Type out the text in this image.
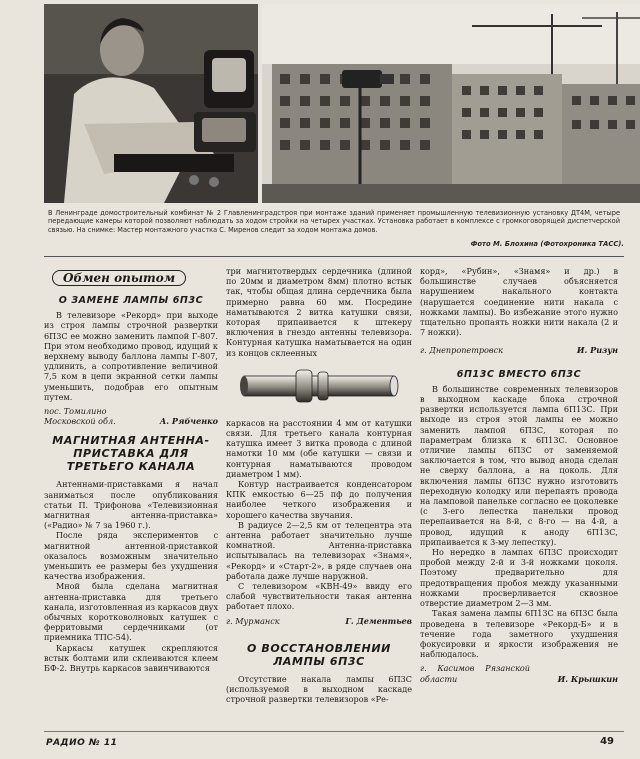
В Ленинграде домостроительный комбинат № 2 Главленинградстроя при монтаже зданий применяет промышленную телевизионную установку ДТ4М, четыре передающие камеры которой позволяют наблюдать за ходом стройки на четырех участках. Установка работает в комплексе с громкоговорящей диспетчерской связью. На снимке: Мастер монтажного участка С. Миренов следит за ходом монтажа домов.
Фото М. Блохина (Фотохроника ТАСС).
Обмен опытом
О ЗАМЕНЕ ЛАМПЫ 6П3С

В телевизоре «Рекорд» при выходе из строя лампы строчной развертки 6П3С ее можно заменить лампой Г-807. При этом необходимо провод, идущий к верхнему выводу баллона лампы Г-807, удлинить, а сопротивление величиной 7,5 ком в цепи экранной сетки лампы уменьшить, подобрав его опытным путем.

пос. Томилино Московской обл.	А. Рябченко
МАГНИТНАЯ АНТЕННА-ПРИСТАВКА ДЛЯ ТРЕТЬЕГО КАНАЛА

Антеннами-приставками я начал заниматься после опубликования статьи П. Трифонова «Телевизионная магнитная антенна-приставка» («Радио» № 7 за 1960 г.).

После ряда экспериментов с магнитной антенной-приставкой оказалось возможным значительно уменьшить ее размеры без ухудшения качества изображения.

Мной была сделана магнитная антенна-приставка для третьего канала, изготовленная из каркасов двух обычных коротковолновых катушек с ферритовыми сердечниками (от приемника ТПС-54).

Каркасы катушек скрепляются встык болтами или склеиваются клеем БФ-2. Внутрь каркасов завинчиваются

три магнитотвердых сердечника (длиной по 20мм и диаметром 8мм) плотно встык так, чтобы общая длина сердечника была примерно равна 60 мм. Посредине наматываются 2 витка катушки связи, которая припаивается к штекеру включения в гнездо антенны телевизора. Контурная катушка наматывается на один из концов склеенных

каркасов на расстоянии 4 мм от катушки связи. Для третьего канала контурная катушка имеет 3 витка провода с длиной намотки 10 мм (обе катушки — связи и контурная наматываются проводом диаметром 1 мм).

Контур настраивается конденсатором КПК емкостью 6—25 пф до получения наиболее четкого изображения и хорошего качества звучания.

В радиусе 2—2,5 км от телецентра эта антенна работает значительно лучше комнатной. Антенна-приставка испытывалась на телевизорах «Знамя», «Рекорд» и «Старт-2», в ряде случаев она работала даже лучше наружной.

С телевизором «КВН-49» ввиду его слабой чувствительности такая антенна работает плохо.

г. Мурманск	Г. Дементьев
О ВОССТАНОВЛЕНИИ ЛАМПЫ 6П3С

Отсутствие накала лампы 6П3С (используемой в выходном каскаде строчной развертки телевизоров «Ре-

корд», «Рубин», «Знамя» и др.) в большинстве случаев объясняется нарушением накального контакта (нарушается соединение нити накала с ножками лампы). Во избежание этого нужно тщательно пропаять ножки нити накала (2 и 7 ножки).

г. Днепропетровск	И. Ризун
6П13С ВМЕСТО 6П3С

В большинстве современных телевизоров в выходном каскаде блока строчной развертки используется лампа 6П13С. При выходе из строя этой лампы ее можно заменить лампой 6П3С, которая по параметрам близка к 6П13С. Основное отличие лампы 6П3С от заменяемой заключается в том, что вывод анода сделан не сверху баллона, а на цоколь. Для включения лампы 6П3С нужно изготовить переходную колодку или перепаять провода на ламповой панельке согласно ее цоколевке (с 3-его лепестка панельки провод перепаивается на 8-й, с 8-го — на 4-й, а провод, идущий к аноду 6П13С, припаивается к 3-му лепестку).

Но нередко в лампах 6П3С происходит пробой между 2-й и 3-й ножками цоколя. Поэтому предварительно для предотвращения пробоя между указанными ножками просверливается сквозное отверстие диаметром 2—3 мм.

Такая замена лампы 6П13С на 6П3С была проведена в телевизоре «Рекорд-Б» и в течение года заметного ухудшения фокусировки и яркости изображения не наблюдалось.

г. Касимов Рязанской области	И. Крышкин
РАДИО № 11	49
